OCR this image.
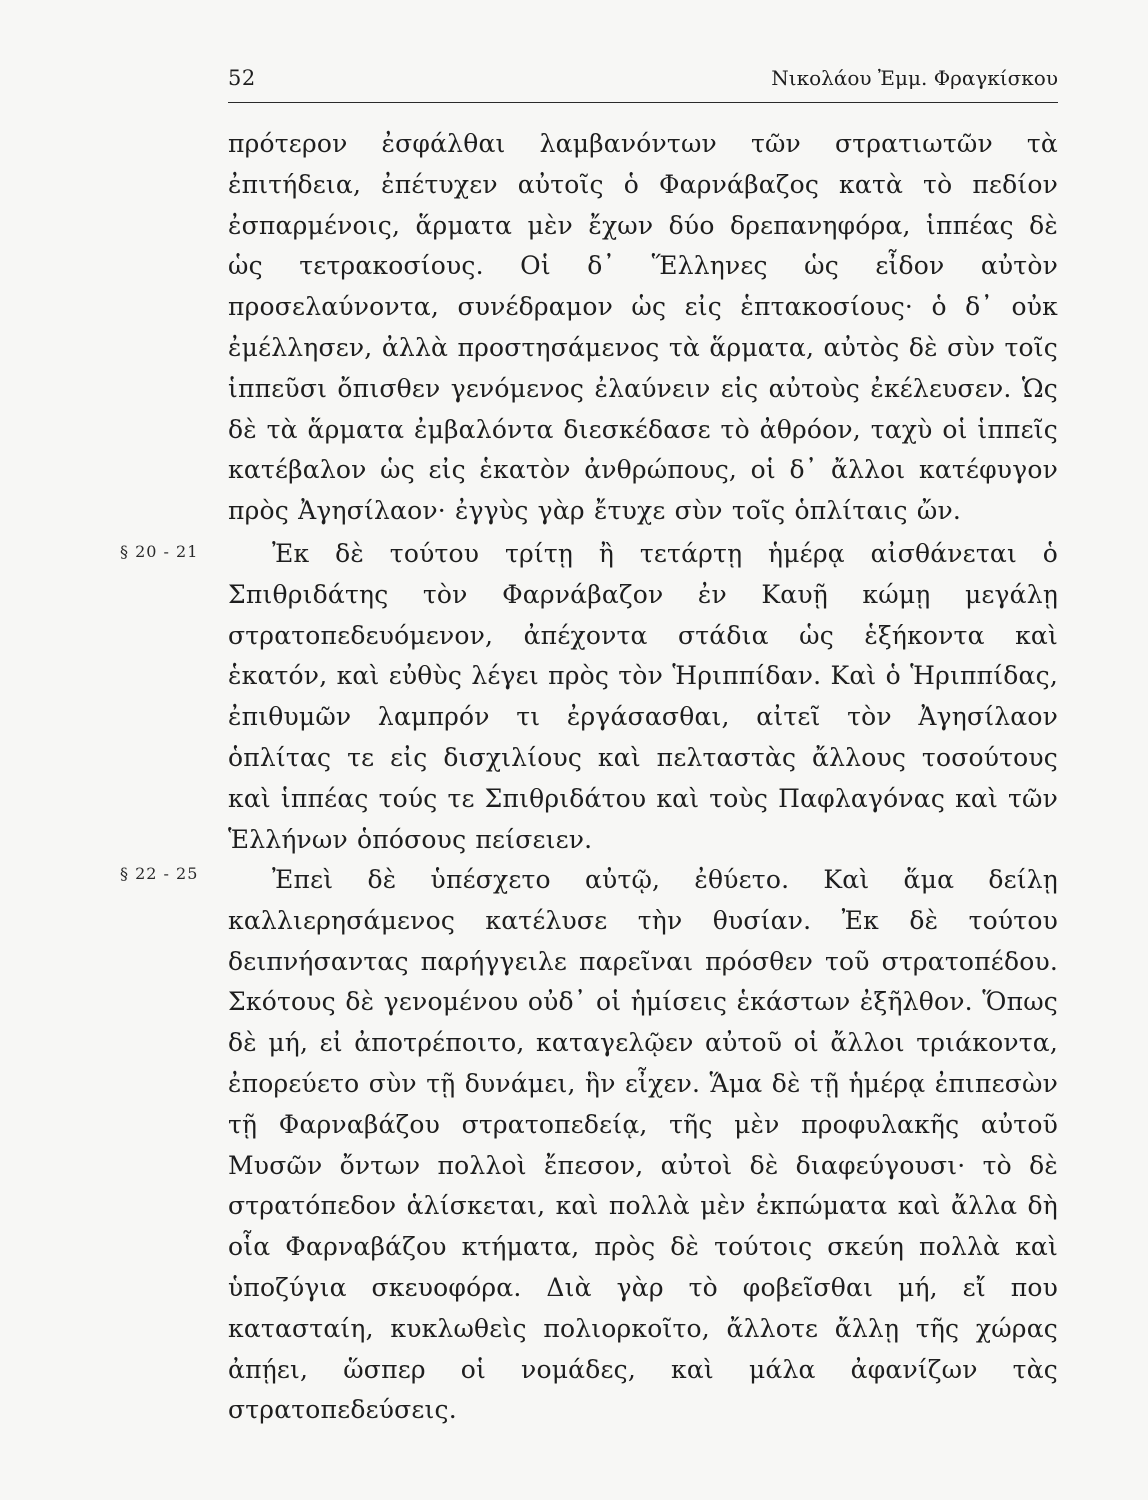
52	Νικολάου Ἐμμ. Φραγκίσκου

πρότερον ἐσφάλθαι λαμβανόντων τῶν στρατιωτῶν τὰ ἐπιτήδεια, ἐπέτυχεν αὐτοῖς ὁ Φαρνάβαζος κατὰ τὸ πεδίον ἐσπαρμένοις, ἅρματα μὲν ἔχων δύο δρεπανηφόρα, ἱππέας δὲ ὡς τετρακοσίους. Οἱ δ᾿ Ἕλληνες ὡς εἶδον αὐτὸν προσελαύνοντα, συνέδραμον ὡς εἰς ἑπτακοσίους· ὁ δ᾿ οὐκ ἐμέλλησεν, ἀλλὰ προστησάμενος τὰ ἅρματα, αὐτὸς δὲ σὺν τοῖς ἱππεῦσι ὄπισθεν γενόμενος ἐλαύνειν εἰς αὐτοὺς ἐκέλευσεν. Ὡς δὲ τὰ ἅρματα ἐμβαλόντα διεσκέδασε τὸ ἀθρόον, ταχὺ οἱ ἱππεῖς κατέβαλον ὡς εἰς ἑκατὸν ἀνθρώπους, οἱ δ᾿ ἄλλοι κατέφυγον πρὸς Ἀγησίλαον· ἐγγὺς γὰρ ἔτυχε σὺν τοῖς ὁπλίταις ὤν.

§ 20 - 21	Ἐκ δὲ τούτου τρίτῃ ἢ τετάρτῃ ἡμέρᾳ αἰσθάνεται ὁ Σπιθριδάτης τὸν Φαρνάβαζον ἐν Καυῇ κώμῃ μεγάλῃ στρατοπεδευόμενον, ἀπέχοντα στάδια ὡς ἑξήκοντα καὶ ἑκατόν, καὶ εὐθὺς λέγει πρὸς τὸν Ἡριππίδαν. Καὶ ὁ Ἡριππίδας, ἐπιθυμῶν λαμπρόν τι ἐργάσασθαι, αἰτεῖ τὸν Ἀγησίλαον ὁπλίτας τε εἰς δισχιλίους καὶ πελταστὰς ἄλλους τοσούτους καὶ ἱππέας τούς τε Σπιθριδάτου καὶ τοὺς Παφλαγόνας καὶ τῶν Ἑλλήνων ὁπόσους πείσειεν.

§ 22 - 25	Ἐπεὶ δὲ ὑπέσχετο αὐτῷ, ἐθύετο. Καὶ ἅμα δείλῃ καλλιερησάμενος κατέλυσε τὴν θυσίαν. Ἐκ δὲ τούτου δειπνήσαντας παρήγγειλε παρεῖναι πρόσθεν τοῦ στρατοπέδου. Σκότους δὲ γενομένου οὐδ᾿ οἱ ἡμίσεις ἑκάστων ἐξῆλθον. Ὅπως δὲ μή, εἰ ἀποτρέποιτο, καταγελῷεν αὐτοῦ οἱ ἄλλοι τριάκοντα, ἐπορεύετο σὺν τῇ δυνάμει, ἣν εἶχεν. Ἅμα δὲ τῇ ἡμέρᾳ ἐπιπεσὼν τῇ Φαρναβάζου στρατοπεδείᾳ, τῆς μὲν προφυλακῆς αὐτοῦ Μυσῶν ὄντων πολλοὶ ἔπεσον, αὐτοὶ δὲ διαφεύγουσι· τὸ δὲ στρατόπεδον ἁλίσκεται, καὶ πολλὰ μὲν ἐκπώματα καὶ ἄλλα δὴ οἷα Φαρναβάζου κτήματα, πρὸς δὲ τούτοις σκεύη πολλὰ καὶ ὑποζύγια σκευοφόρα. Διὰ γὰρ τὸ φοβεῖσθαι μή, εἴ που κατασταίη, κυκλωθεὶς πολιορκοῖτο, ἄλλοτε ἄλλῃ τῆς χώρας ἀπῄει, ὥσπερ οἱ νομάδες, καὶ μάλα ἀφανίζων τὰς στρατοπεδεύσεις.
